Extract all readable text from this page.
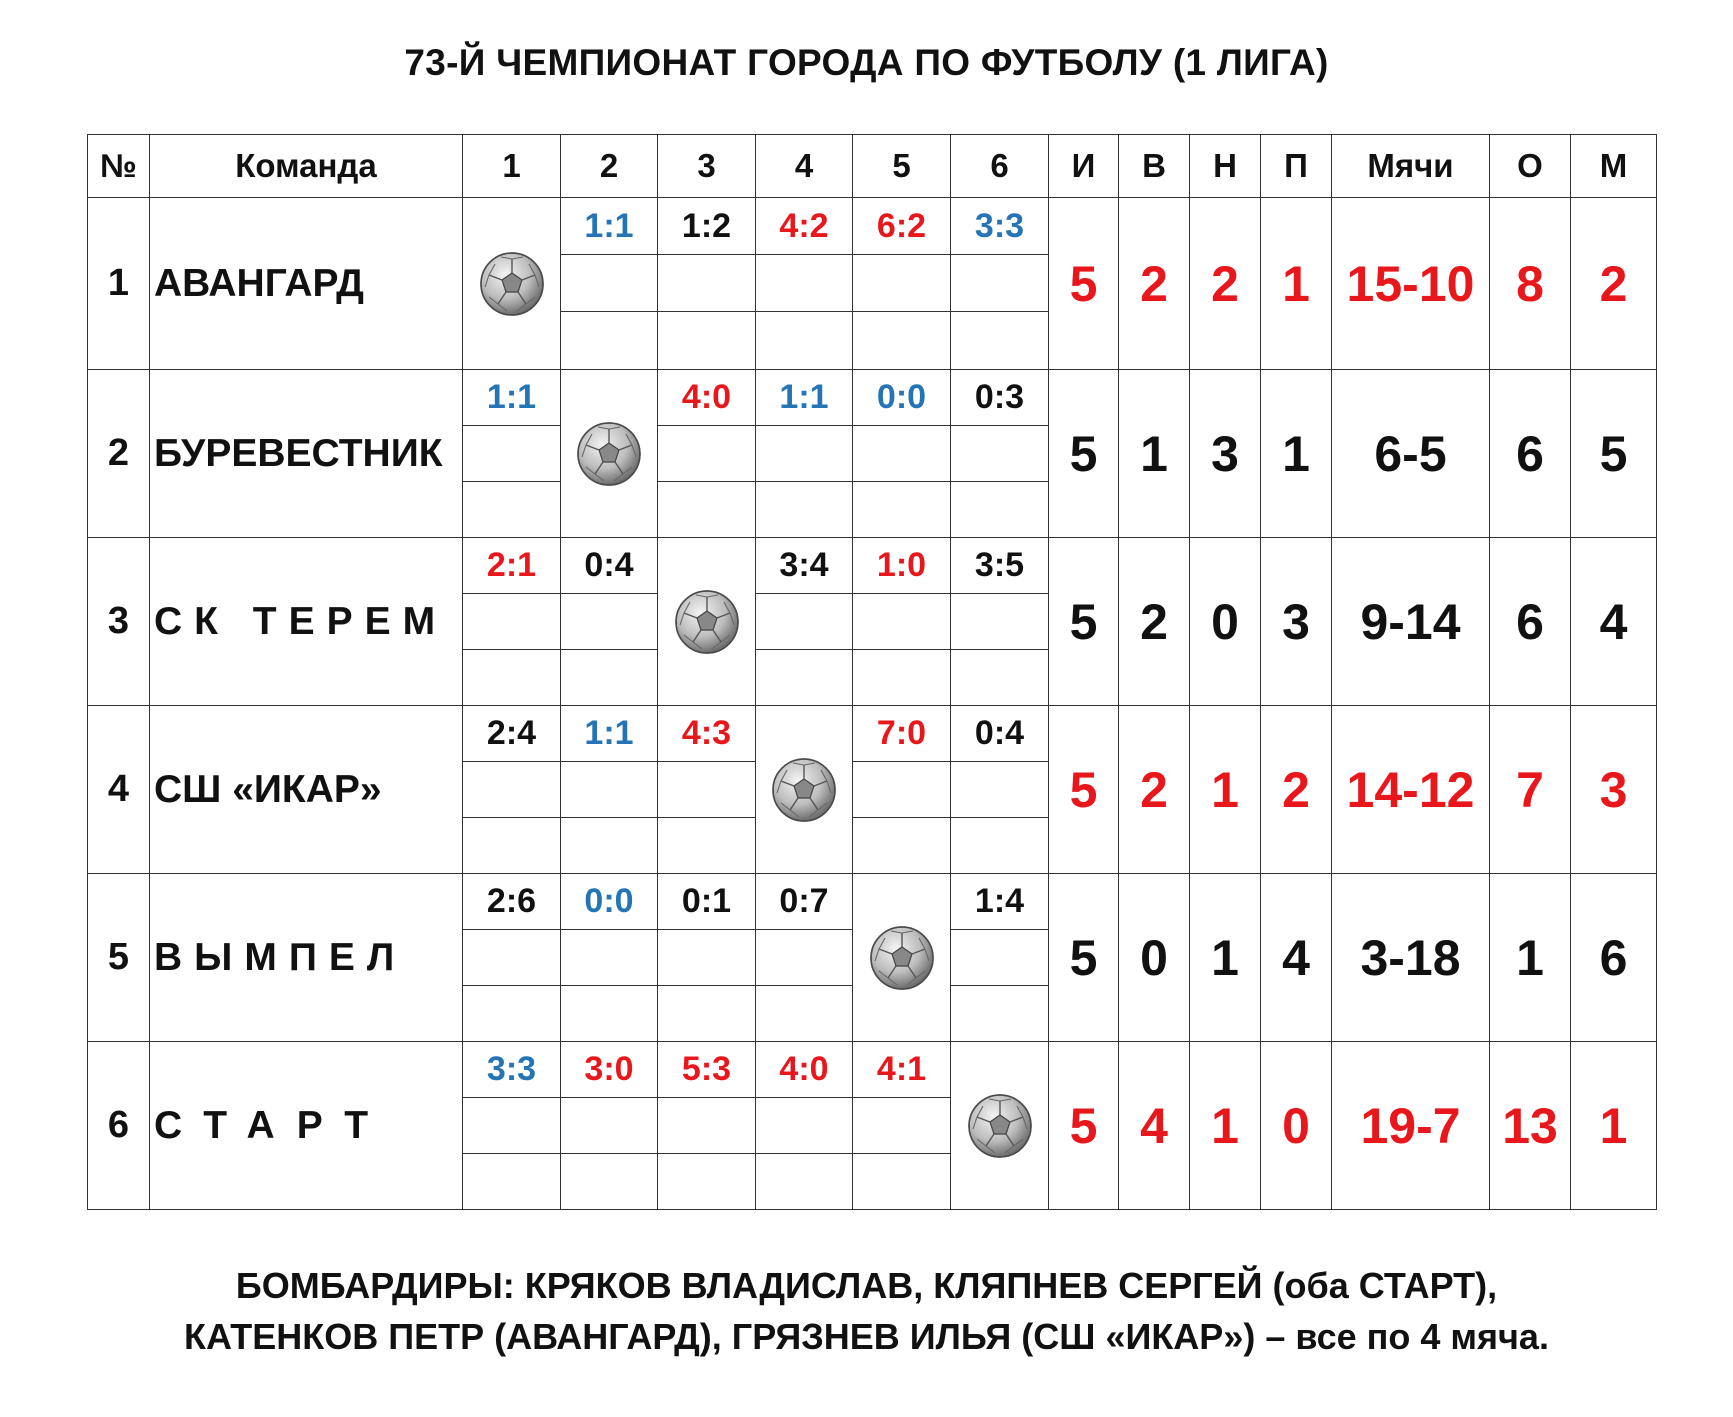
73-Й ЧЕМПИОНАТ ГОРОДА ПО ФУТБОЛУ (1 ЛИГА)
№	Команда	1	2	3	4	5	6	И	В	Н	П	Мячи	О	М
1	АВАНГАРД		1:1	1:2	4:2	6:2	3:3	5	2	2	1	15-10	8	2

2	БУРЕВЕСТНИК	1:1		4:0	1:1	0:0	0:3	5	1	3	1	6-5	6	5

3	СК ТЕРЕМ	2:1	0:4		3:4	1:0	3:5	5	2	0	3	9-14	6	4

4	СШ «ИКАР»	2:4	1:1	4:3		7:0	0:4	5	2	1	2	14-12	7	3

5	ВЫМПЕЛ	2:6	0:0	0:1	0:7		1:4	5	0	1	4	3-18	1	6

6	СТАРТ	3:3	3:0	5:3	4:0	4:1		5	4	1	0	19-7	13	1

БОМБАРДИРЫ: КРЯКОВ ВЛАДИСЛАВ, КЛЯПНЕВ СЕРГЕЙ (оба СТАРТ),
КАТЕНКОВ ПЕТР (АВАНГАРД), ГРЯЗНЕВ ИЛЬЯ (СШ «ИКАР») – все по 4 мяча.
